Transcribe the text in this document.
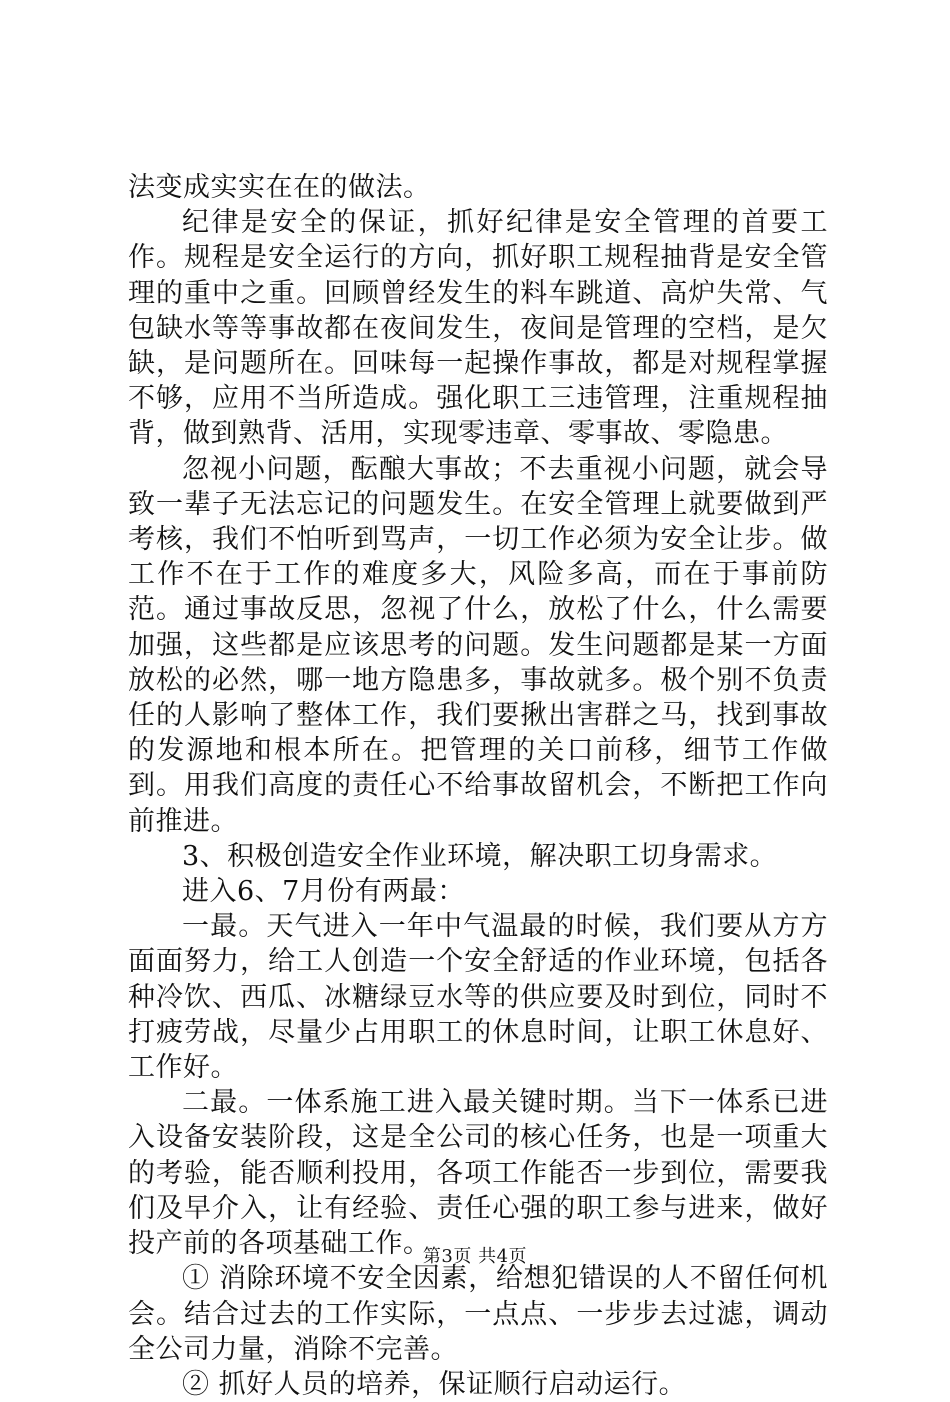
法变成实实在在的做法。

纪律是安全的保证，抓好纪律是安全管理的首要工作。规程是安全运行的方向，抓好职工规程抽背是安全管理的重中之重。回顾曾经发生的料车跳道、高炉失常、气包缺水等等事故都在夜间发生，夜间是管理的空档，是欠缺，是问题所在。回味每一起操作事故，都是对规程掌握不够，应用不当所造成。强化职工三违管理，注重规程抽背，做到熟背、活用，实现零违章、零事故、零隐患。

忽视小问题，酝酿大事故；不去重视小问题，就会导致一辈子无法忘记的问题发生。在安全管理上就要做到严考核，我们不怕听到骂声，一切工作必须为安全让步。做工作不在于工作的难度多大，风险多高，而在于事前防范。通过事故反思，忽视了什么，放松了什么，什么需要加强，这些都是应该思考的问题。发生问题都是某一方面放松的必然，哪一地方隐患多，事故就多。极个别不负责任的人影响了整体工作，我们要揪出害群之马，找到事故的发源地和根本所在。把管理的关口前移，细节工作做到。用我们高度的责任心不给事故留机会，不断把工作向前推进。

3、积极创造安全作业环境，解决职工切身需求。

进入6、7月份有两最：

一最。天气进入一年中气温最的时候，我们要从方方面面努力，给工人创造一个安全舒适的作业环境，包括各种冷饮、西瓜、冰糖绿豆水等的供应要及时到位，同时不打疲劳战，尽量少占用职工的休息时间，让职工休息好、工作好。

二最。一体系施工进入最关键时期。当下一体系已进入设备安装阶段，这是全公司的核心任务，也是一项重大的考验，能否顺利投用，各项工作能否一步到位，需要我们及早介入，让有经验、责任心强的职工参与进来，做好投产前的各项基础工作。

① 消除环境不安全因素，给想犯错误的人不留任何机会。结合过去的工作实际，一点点、一步步去过滤，调动全公司力量，消除不完善。

② 抓好人员的培养，保证顺行启动运行。

第3页 共4页
